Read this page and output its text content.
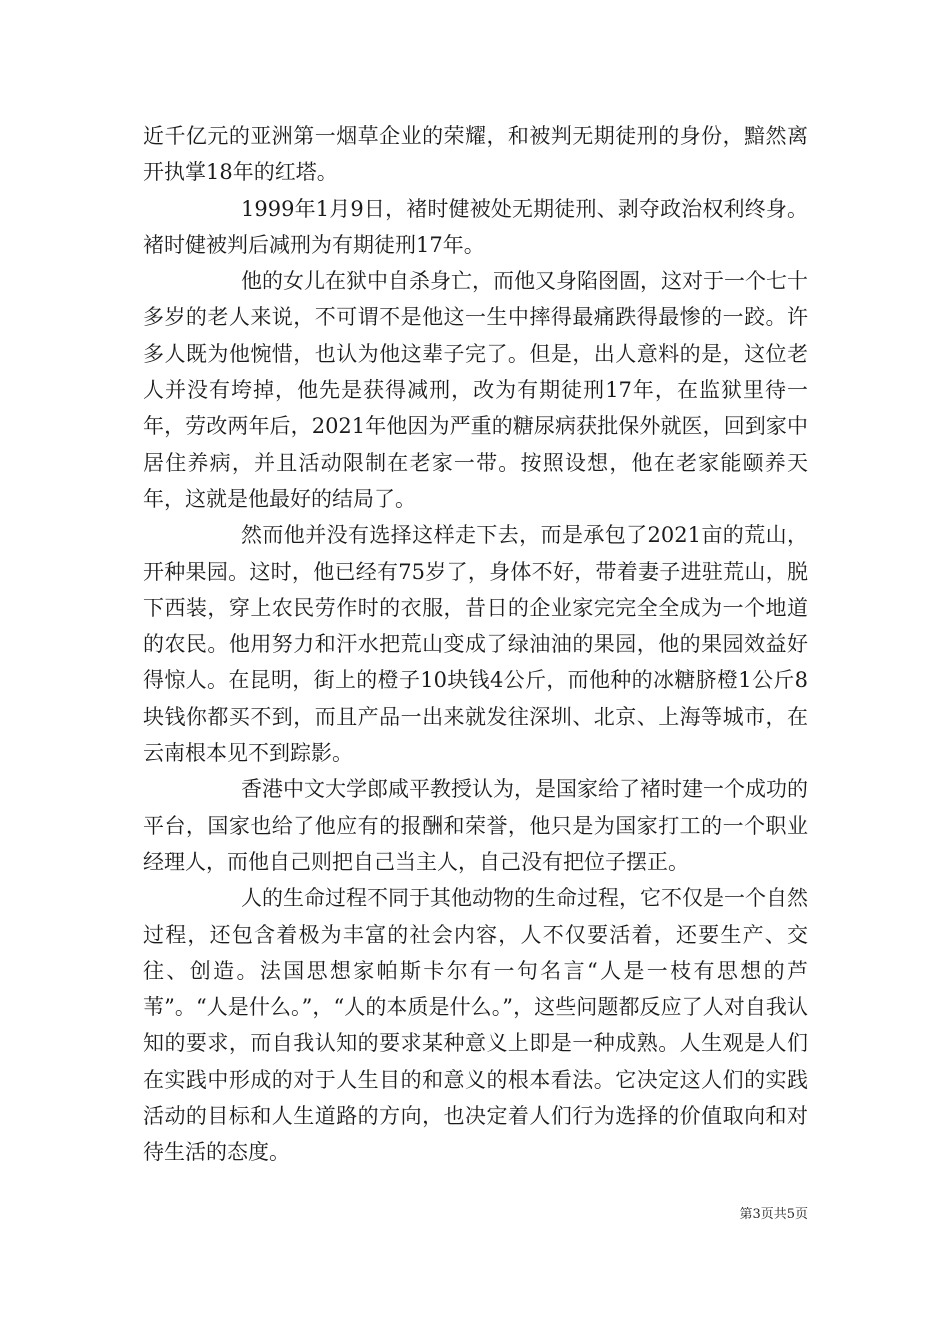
近千亿元的亚洲第一烟草企业的荣耀，和被判无期徒刑的身份，黯然离开执掌18年的红塔。

1999年1月9日，褚时健被处无期徒刑、剥夺政治权利终身。褚时健被判后减刑为有期徒刑17年。

他的女儿在狱中自杀身亡，而他又身陷囹圄，这对于一个七十多岁的老人来说，不可谓不是他这一生中摔得最痛跌得最惨的一跤。许多人既为他惋惜，也认为他这辈子完了。但是，出人意料的是，这位老人并没有垮掉，他先是获得减刑，改为有期徒刑17年，在监狱里待一年，劳改两年后，2021年他因为严重的糖尿病获批保外就医，回到家中居住养病，并且活动限制在老家一带。按照设想，他在老家能颐养天年，这就是他最好的结局了。

然而他并没有选择这样走下去，而是承包了2021亩的荒山，开种果园。这时，他已经有75岁了，身体不好，带着妻子进驻荒山，脱下西装，穿上农民劳作时的衣服，昔日的企业家完完全全成为一个地道的农民。他用努力和汗水把荒山变成了绿油油的果园，他的果园效益好得惊人。在昆明，街上的橙子10块钱4公斤，而他种的冰糖脐橙1公斤8块钱你都买不到，而且产品一出来就发往深圳、北京、上海等城市，在云南根本见不到踪影。

香港中文大学郎咸平教授认为，是国家给了褚时建一个成功的平台，国家也给了他应有的报酬和荣誉，他只是为国家打工的一个职业经理人，而他自己则把自己当主人，自己没有把位子摆正。

人的生命过程不同于其他动物的生命过程，它不仅是一个自然过程，还包含着极为丰富的社会内容，人不仅要活着，还要生产、交往、创造。法国思想家帕斯卡尔有一句名言“人是一枝有思想的芦苇”。“人是什么。”，“人的本质是什么。”，这些问题都反应了人对自我认知的要求，而自我认知的要求某种意义上即是一种成熟。人生观是人们在实践中形成的对于人生目的和意义的根本看法。它决定这人们的实践活动的目标和人生道路的方向，也决定着人们行为选择的价值取向和对待生活的态度。

第3页共5页
